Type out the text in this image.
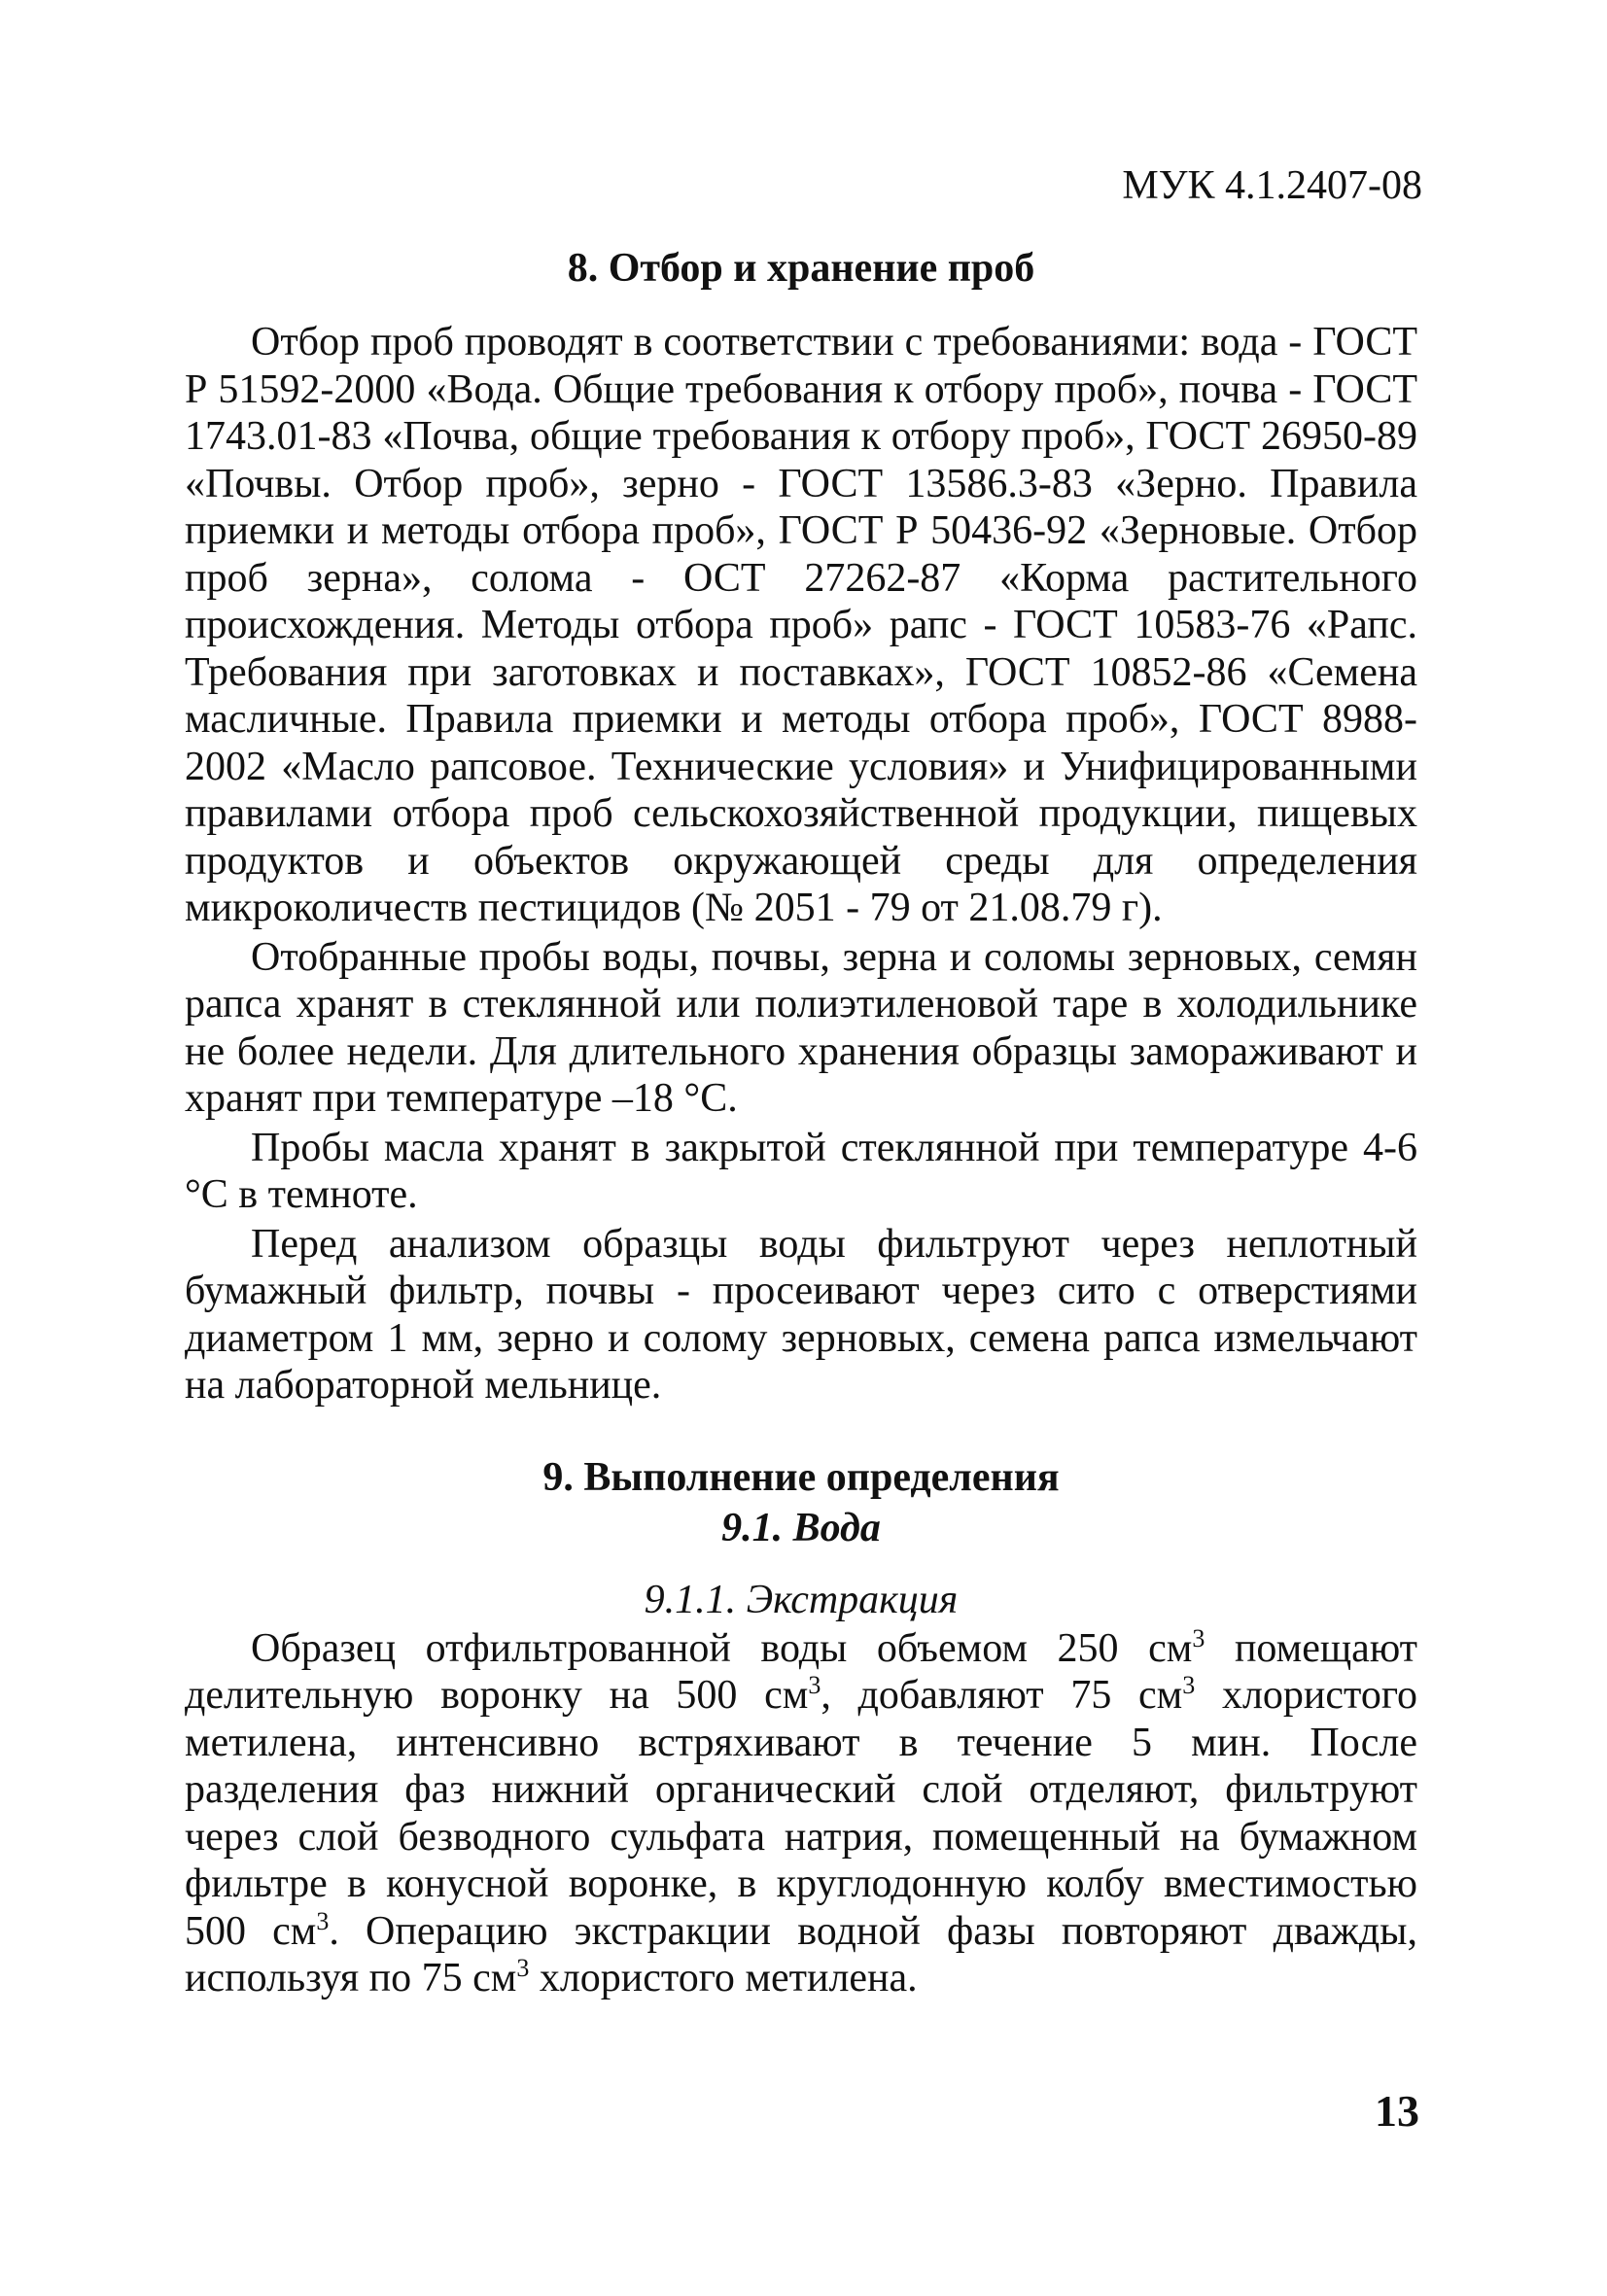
МУК 4.1.2407-08
8. Отбор и хранение проб

Отбор проб проводят в соответствии с требованиями: вода - ГОСТ Р 51592-2000 «Вода. Общие требования к отбору проб», почва - ГОСТ 1743.01-83 «Почва, общие требования к отбору проб», ГОСТ 26950-89 «Почвы. Отбор проб», зерно - ГОСТ 13586.3-83 «Зерно. Правила приемки и методы отбора проб», ГОСТ Р 50436-92 «Зерновые. Отбор проб зерна», солома - ОСТ 27262-87 «Корма растительного происхождения. Методы отбора проб» рапс - ГОСТ 10583-76 «Рапс. Требования при заготовках и поставках», ГОСТ 10852-86 «Семена масличные. Правила приемки и методы отбора проб», ГОСТ 8988-2002 «Масло рапсовое. Технические условия» и Унифицированными правилами отбора проб сельскохозяйственной продукции, пищевых продуктов и объектов окружающей среды для определения микроколичеств пестицидов (№ 2051 - 79 от 21.08.79 г).

Отобранные пробы воды, почвы, зерна и соломы зерновых, семян рапса хранят в стеклянной или полиэтиленовой таре в холодильнике не более недели. Для длительного хранения образцы замораживают и хранят при температуре –18 °С.

Пробы масла хранят в закрытой стеклянной при температуре 4-6 °С в темноте.

Перед анализом образцы воды фильтруют через неплотный бумажный фильтр, почвы - просеивают через сито с отверстиями диаметром 1 мм, зерно и солому зерновых, семена рапса измельчают на лабораторной мельнице.

9. Выполнение определения
9.1. Вода
9.1.1. Экстракция

Образец отфильтрованной воды объемом 250 $см^3$ помещают делительную воронку на 500 $см^3$, добавляют 75 $см^3$ хлористого метилена, интенсивно встряхивают в течение 5 мин. После разделения фаз нижний органический слой отделяют, фильтруют через слой безводного сульфата натрия, помещенный на бумажном фильтре в конусной воронке, в круглодонную колбу вместимостью 500 $см^3$. Операцию экстракции водной фазы повторяют дважды, используя по 75 $см^3$ хлористого метилена.

13
